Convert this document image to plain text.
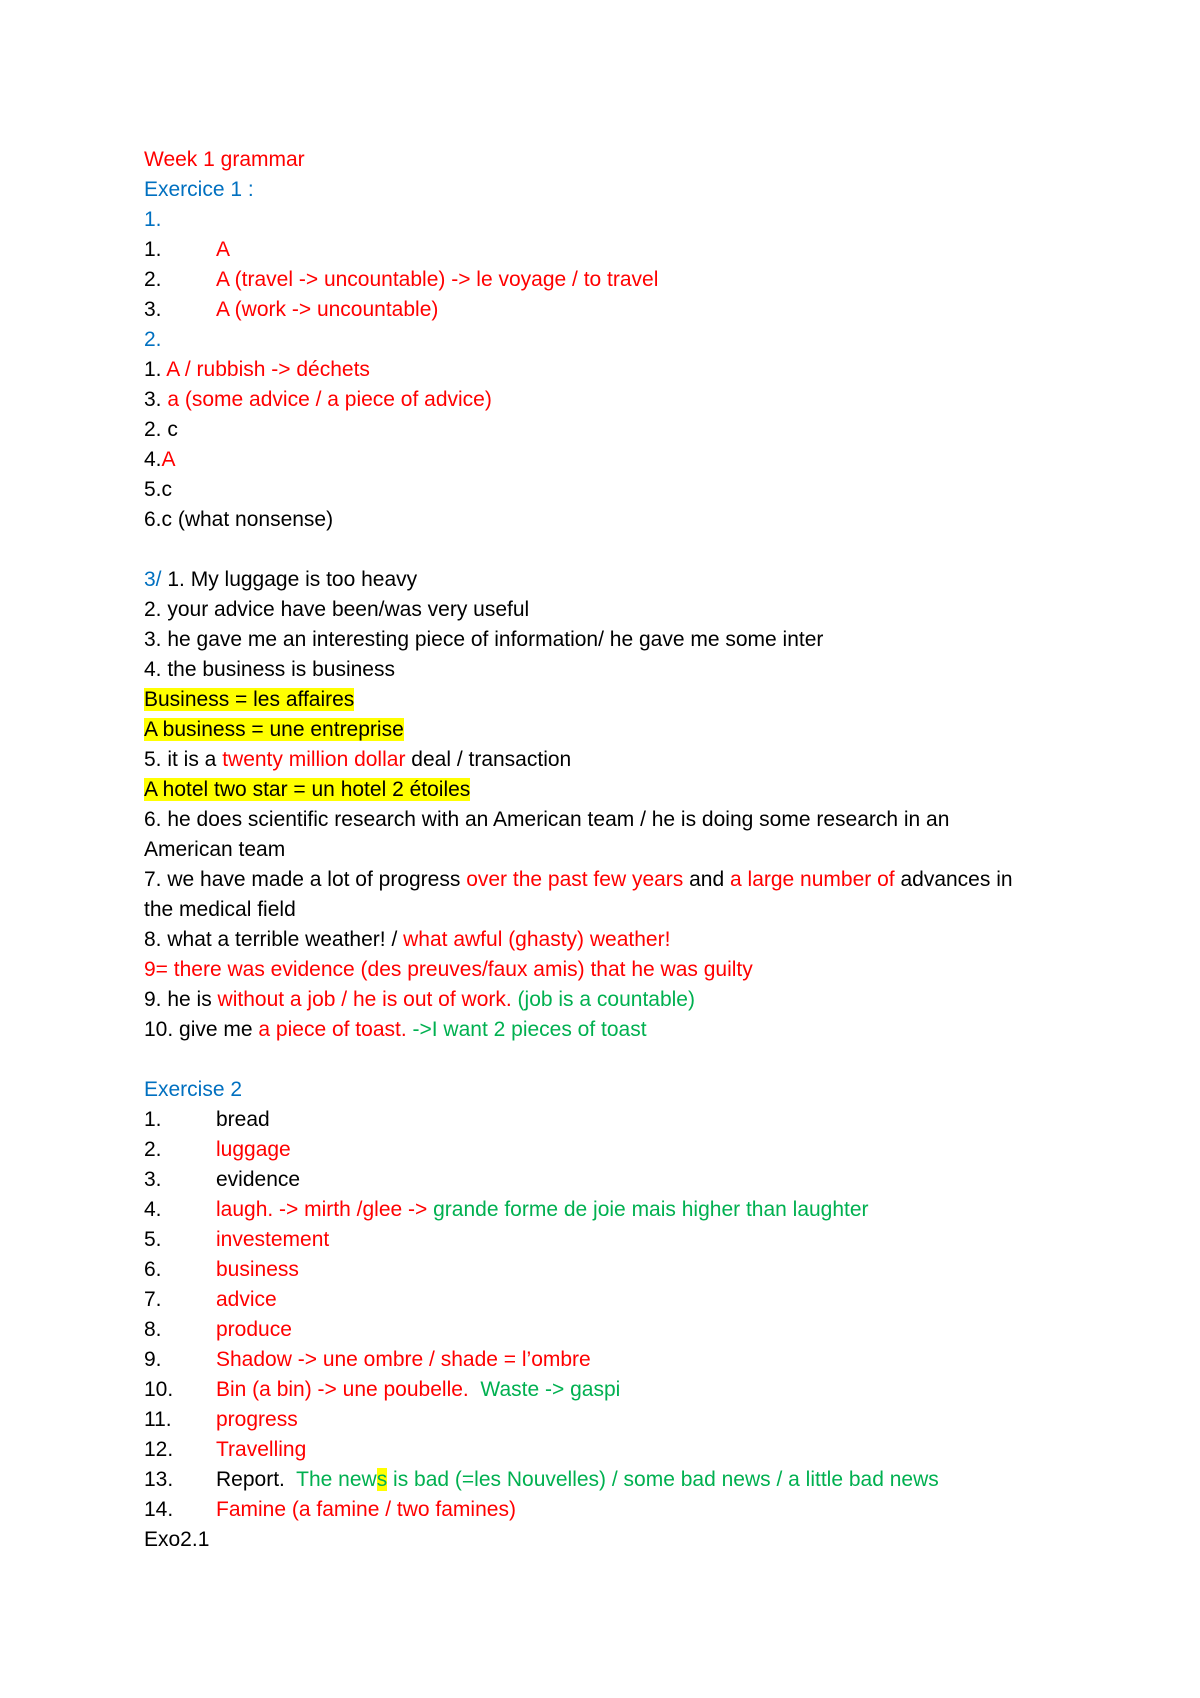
Week 1 grammar
Exercice 1 :
1.
1.	A
2.	A (travel -> uncountable) -> le voyage / to travel
3.	A (work -> uncountable)
2.
1. A / rubbish -> déchets
3. a (some advice / a piece of advice)
2. c
4.A
5.c
6.c (what nonsense)
3/ 1. My luggage is too heavy
2. your advice have been/was very useful
3. he gave me an interesting piece of information/ he gave me some inter
4. the business is business
Business = les affaires
A business = une entreprise
5. it is a twenty million dollar deal / transaction
A hotel two star = un hotel 2 étoiles
6. he does scientific research with an American team / he is doing some research in an
American team
7. we have made a lot of progress over the past few years and a large number of advances in
the medical field
8. what a terrible weather! / what awful (ghasty) weather!
9= there was evidence (des preuves/faux amis) that he was guilty
9. he is without a job / he is out of work. (job is a countable)
10. give me a piece of toast. ->I want 2 pieces of toast
Exercise 2
1.	bread
2.	luggage
3.	evidence
4.	laugh. -> mirth /glee -> grande forme de joie mais higher than laughter
5.	investement
6.	business
7.	advice
8.	produce
9.	Shadow -> une ombre / shade = l’ombre
10.	Bin (a bin) -> une poubelle.  Waste -> gaspi
11.	progress
12.	Travelling
13.	Report.  The news is bad (=les Nouvelles) / some bad news / a little bad news
14.	Famine (a famine / two famines)
Exo2.1
